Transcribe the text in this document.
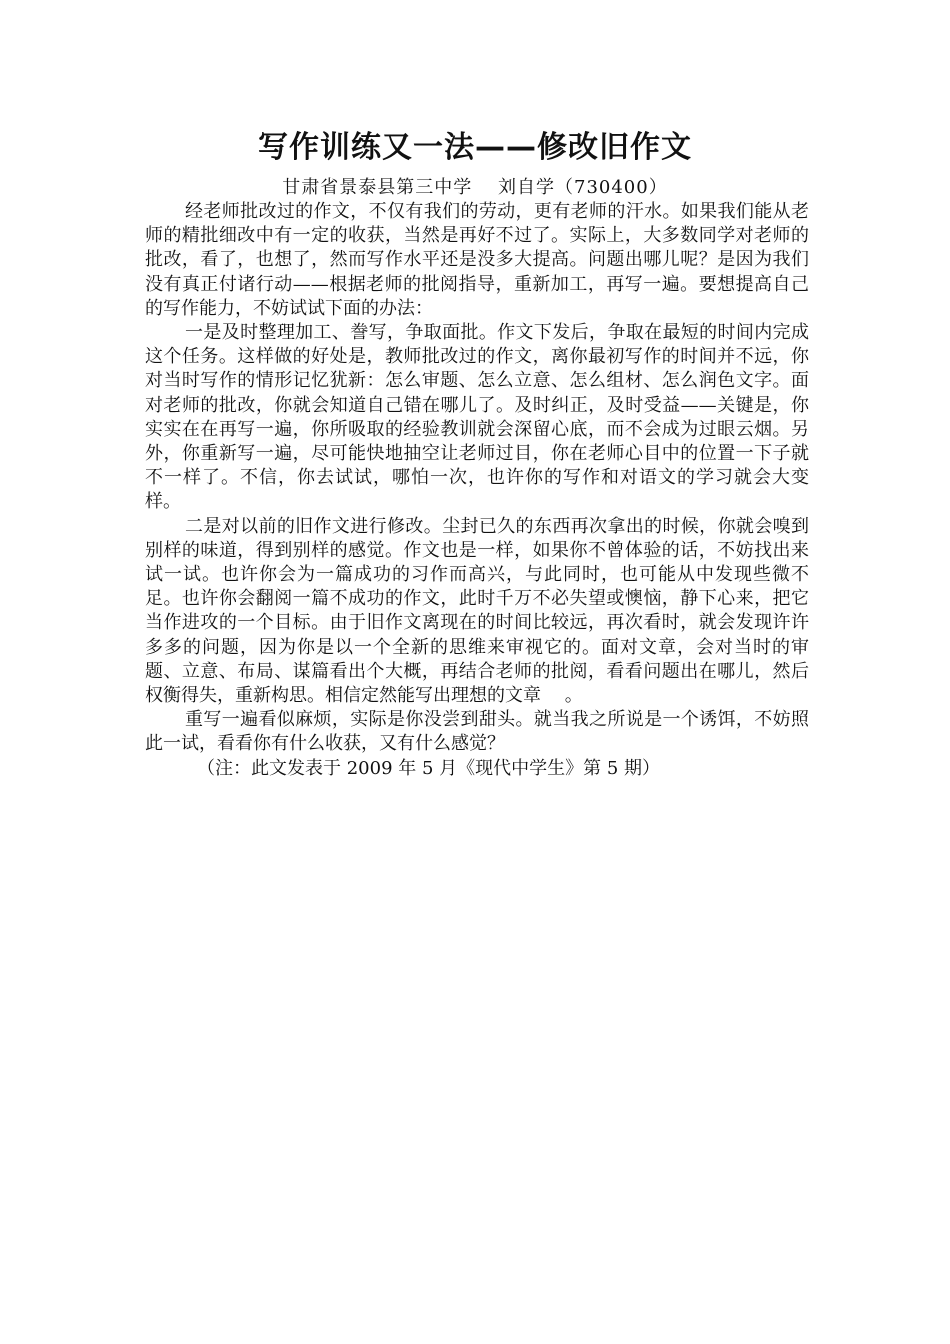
写作训练又一法——修改旧作文

甘肃省景泰县第三中学　 刘自学（730400）

经老师批改过的作文，不仅有我们的劳动，更有老师的汗水。如果我们能从老师的精批细改中有一定的收获，当然是再好不过了。实际上，大多数同学对老师的批改，看了，也想了，然而写作水平还是没多大提高。问题出哪儿呢？是因为我们没有真正付诸行动——根据老师的批阅指导，重新加工，再写一遍。要想提高自己的写作能力，不妨试试下面的办法：

一是及时整理加工、誊写，争取面批。作文下发后，争取在最短的时间内完成这个任务。这样做的好处是，教师批改过的作文，离你最初写作的时间并不远，你对当时写作的情形记忆犹新：怎么审题、怎么立意、怎么组材、怎么润色文字。面对老师的批改，你就会知道自己错在哪儿了。及时纠正，及时受益——关键是，你实实在在再写一遍，你所吸取的经验教训就会深留心底，而不会成为过眼云烟。另外，你重新写一遍，尽可能快地抽空让老师过目，你在老师心目中的位置一下子就不一样了。不信，你去试试，哪怕一次，也许你的写作和对语文的学习就会大变样。

二是对以前的旧作文进行修改。尘封已久的东西再次拿出的时候，你就会嗅到别样的味道，得到别样的感觉。作文也是一样，如果你不曾体验的话，不妨找出来试一试。也许你会为一篇成功的习作而高兴，与此同时，也可能从中发现些微不足。也许你会翻阅一篇不成功的作文，此时千万不必失望或懊恼，静下心来，把它当作进攻的一个目标。由于旧作文离现在的时间比较远，再次看时，就会发现许许多多的问题，因为你是以一个全新的思维来审视它的。面对文章，会对当时的审题、立意、布局、谋篇看出个大概，再结合老师的批阅，看看问题出在哪儿，然后权衡得失，重新构思。相信定然能写出理想的文章　 。

重写一遍看似麻烦，实际是你没尝到甜头。就当我之所说是一个诱饵，不妨照此一试，看看你有什么收获，又有什么感觉？

（注：此文发表于 2009 年 5 月《现代中学生》第 5 期）
